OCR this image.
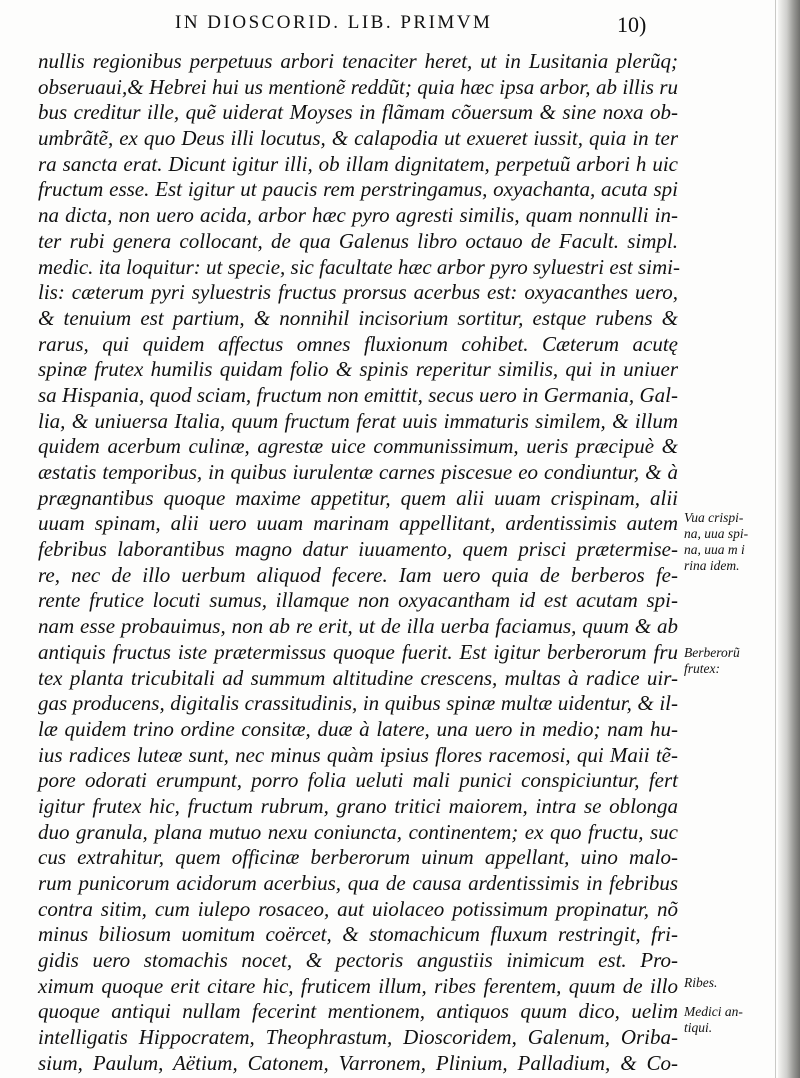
IN DIOSCORID. LIB. PRIMVM	10)
nullis regionibus perpetuus arbori tenaciter heret, ut in Lusitania plerũq;
obseruaui,& Hebrei hui us mentionẽ reddũt; quia hæc ipsa arbor, ab illis ru
bus creditur ille, quẽ uiderat Moyses in flãmam cõuersum & sine noxa ob-
umbrãtẽ, ex quo Deus illi locutus, & calapodia ut exueret iussit, quia in ter
ra sancta erat. Dicunt igitur illi, ob illam dignitatem, perpetuũ arbori h uic
fructum esse. Est igitur ut paucis rem perstringamus, oxyachanta, acuta spi
na dicta, non uero acida, arbor hæc pyro agresti similis, quam nonnulli in-
ter rubi genera collocant, de qua Galenus libro octauo de Facult. simpl.
medic. ita loquitur: ut specie, sic facultate hæc arbor pyro syluestri est simi-
lis: cæterum pyri syluestris fructus prorsus acerbus est: oxyacanthes uero,
& tenuium est partium, & nonnihil incisorium sortitur, estque rubens &
rarus, qui quidem affectus omnes fluxionum cohibet. Cæterum acutę
spinæ frutex humilis quidam folio & spinis reperitur similis, qui in uniuer
sa Hispania, quod sciam, fructum non emittit, secus uero in Germania, Gal-
lia, & uniuersa Italia, quum fructum ferat uuis immaturis similem, & illum
quidem acerbum culinæ, agrestæ uice communissimum, ueris præcipuè &
æstatis temporibus, in quibus iurulentæ carnes piscesue eo condiuntur, & à
prægnantibus quoque maxime appetitur, quem alii uuam crispinam, alii
uuam spinam, alii uero uuam marinam appellitant, ardentissimis autem
febribus laborantibus magno datur iuuamento, quem prisci prætermise-
re, nec de illo uerbum aliquod fecere. Iam uero quia de berberos fe-
rente frutice locuti sumus, illamque non oxyacantham id est acutam spi-
nam esse probauimus, non ab re erit, ut de illa uerba faciamus, quum & ab
antiquis fructus iste prætermissus quoque fuerit. Est igitur berberorum fru
tex planta tricubitali ad summum altitudine crescens, multas à radice uir-
gas producens, digitalis crassitudinis, in quibus spinæ multæ uidentur, & il-
læ quidem trino ordine consitæ, duæ à latere, una uero in medio; nam hu-
ius radices luteæ sunt, nec minus quàm ipsius flores racemosi, qui Maii tẽ-
pore odorati erumpunt, porro folia ueluti mali punici conspiciuntur, fert
igitur frutex hic, fructum rubrum, grano tritici maiorem, intra se oblonga
duo granula, plana mutuo nexu coniuncta, continentem; ex quo fructu, suc
cus extrahitur, quem officinæ berberorum uinum appellant, uino malo-
rum punicorum acidorum acerbius, qua de causa ardentissimis in febribus
contra sitim, cum iulepo rosaceo, aut uiolaceo potissimum propinatur, nõ
minus biliosum uomitum coërcet, & stomachicum fluxum restringit, fri-
gidis uero stomachis nocet, & pectoris angustiis inimicum est. Pro-
ximum quoque erit citare hic, fruticem illum, ribes ferentem, quum de illo
quoque antiqui nullam fecerint mentionem, antiquos quum dico, uelim
intelligatis Hippocratem, Theophrastum, Dioscoridem, Galenum, Oriba-
sium, Paulum, Aëtium, Catonem, Varronem, Plinium, Palladium, & Co-
Vua crispi-
na, uua spi-
na, uua m i
rina idem.
Berberorũ
frutex:
Ribes.
Medici an-
tiqui.
